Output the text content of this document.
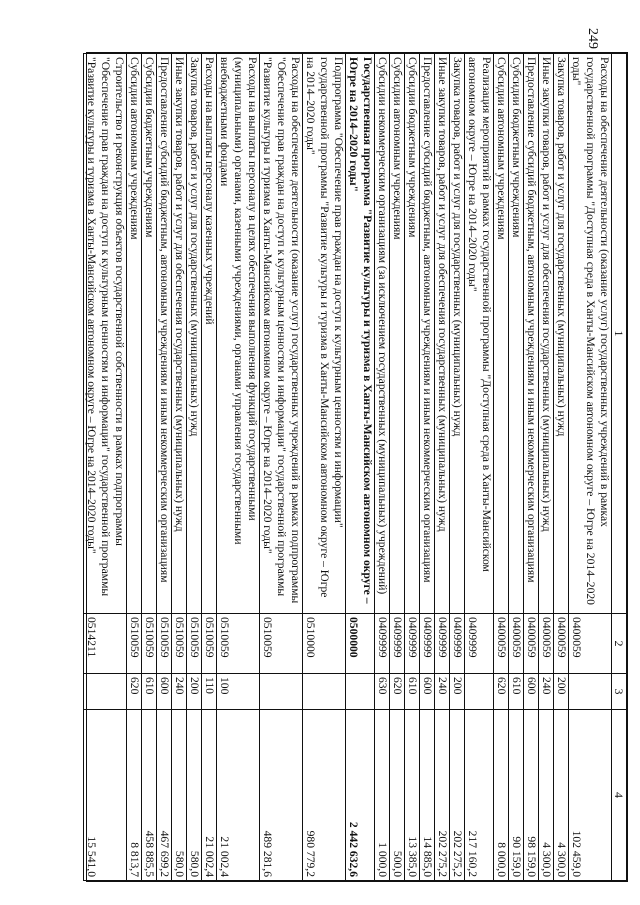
249
1	2	3	4
Расходы на обеспечение деятельности (оказание услуг) государственных учреждений в рамках государственной программы "Доступная среда в Ханты-Мансийском автономном округе – Югре на 2014–2020 годы"	0400059		102 459,0
Закупка товаров, работ и услуг для государственных (муниципальных) нужд	0400059	200	4 300,0
Иные закупки товаров, работ и услуг для обеспечения государственных (муниципальных) нужд	0400059	240	4 300,0
Предоставление субсидий бюджетным, автономным учреждениям и иным некоммерческим организациям	0400059	600	98 159,0
Субсидии бюджетным учреждениям	0400059	610	90 159,0
Субсидии автономным учреждениям	0400059	620	8 000,0
Реализация мероприятий в рамках государственной программы "Доступная среда в Ханты-Мансийском автономном округе – Югре на 2014–2020 годы"	0409999		217 160,2
Закупка товаров, работ и услуг для государственных (муниципальных) нужд	0409999	200	202 275,2
Иные закупки товаров, работ и услуг для обеспечения государственных (муниципальных) нужд	0409999	240	202 275,2
Предоставление субсидий бюджетным, автономным учреждениям и иным некоммерческим организациям	0409999	600	14 885,0
Субсидии бюджетным учреждениям	0409999	610	13 385,0
Субсидии автономным учреждениям	0409999	620	500,0
Субсидии некоммерческим организациям (за исключением государственных (муниципальных) учреждений)	0409999	630	1 000,0
Государственная программа "Развитие культуры и туризма в Ханты-Мансийском автономном округе – Югре на 2014–2020 годы"	0500000		2 442 632,6
Подпрограмма "Обеспечение прав граждан на доступ к культурным ценностям и информации" государственной программы "Развитие культуры и туризма в Ханты-Мансийском автономном округе – Югре на 2014–2020 годы"	0510000		980 779,2
Расходы на обеспечение деятельности (оказание услуг) государственных учреждений в рамках подпрограммы "Обеспечение прав граждан на доступ к культурным ценностям и информации" государственной программы "Развитие культуры и туризма в Ханты-Мансийском автономном округе – Югре на 2014–2020 годы"	0510059		489 281,6
Расходы на выплаты персоналу в целях обеспечения выполнения функций государственными (муниципальными) органами, казенными учреждениями, органами управления государственными внебюджетными фондами	0510059	100	21 002,4
Расходы на выплаты персоналу казенных учреждений	0510059	110	21 002,4
Закупка товаров, работ и услуг для государственных (муниципальных) нужд	0510059	200	580,0
Иные закупки товаров, работ и услуг для обеспечения государственных (муниципальных) нужд	0510059	240	580,0
Предоставление субсидий бюджетным, автономным учреждениям и иным некоммерческим организациям	0510059	600	467 699,2
Субсидии бюджетным учреждениям	0510059	610	458 885,5
Субсидии автономным учреждениям	0510059	620	8 813,7
Строительство и реконструкция объектов государственной собственности в рамках подпрограммы "Обеспечение прав граждан на доступ к культурным ценностям и информации" государственной программы "Развитие культуры и туризма в Ханты-Мансийском автономном округе – Югре на 2014–2020 годы"	0514211		15 541,0
